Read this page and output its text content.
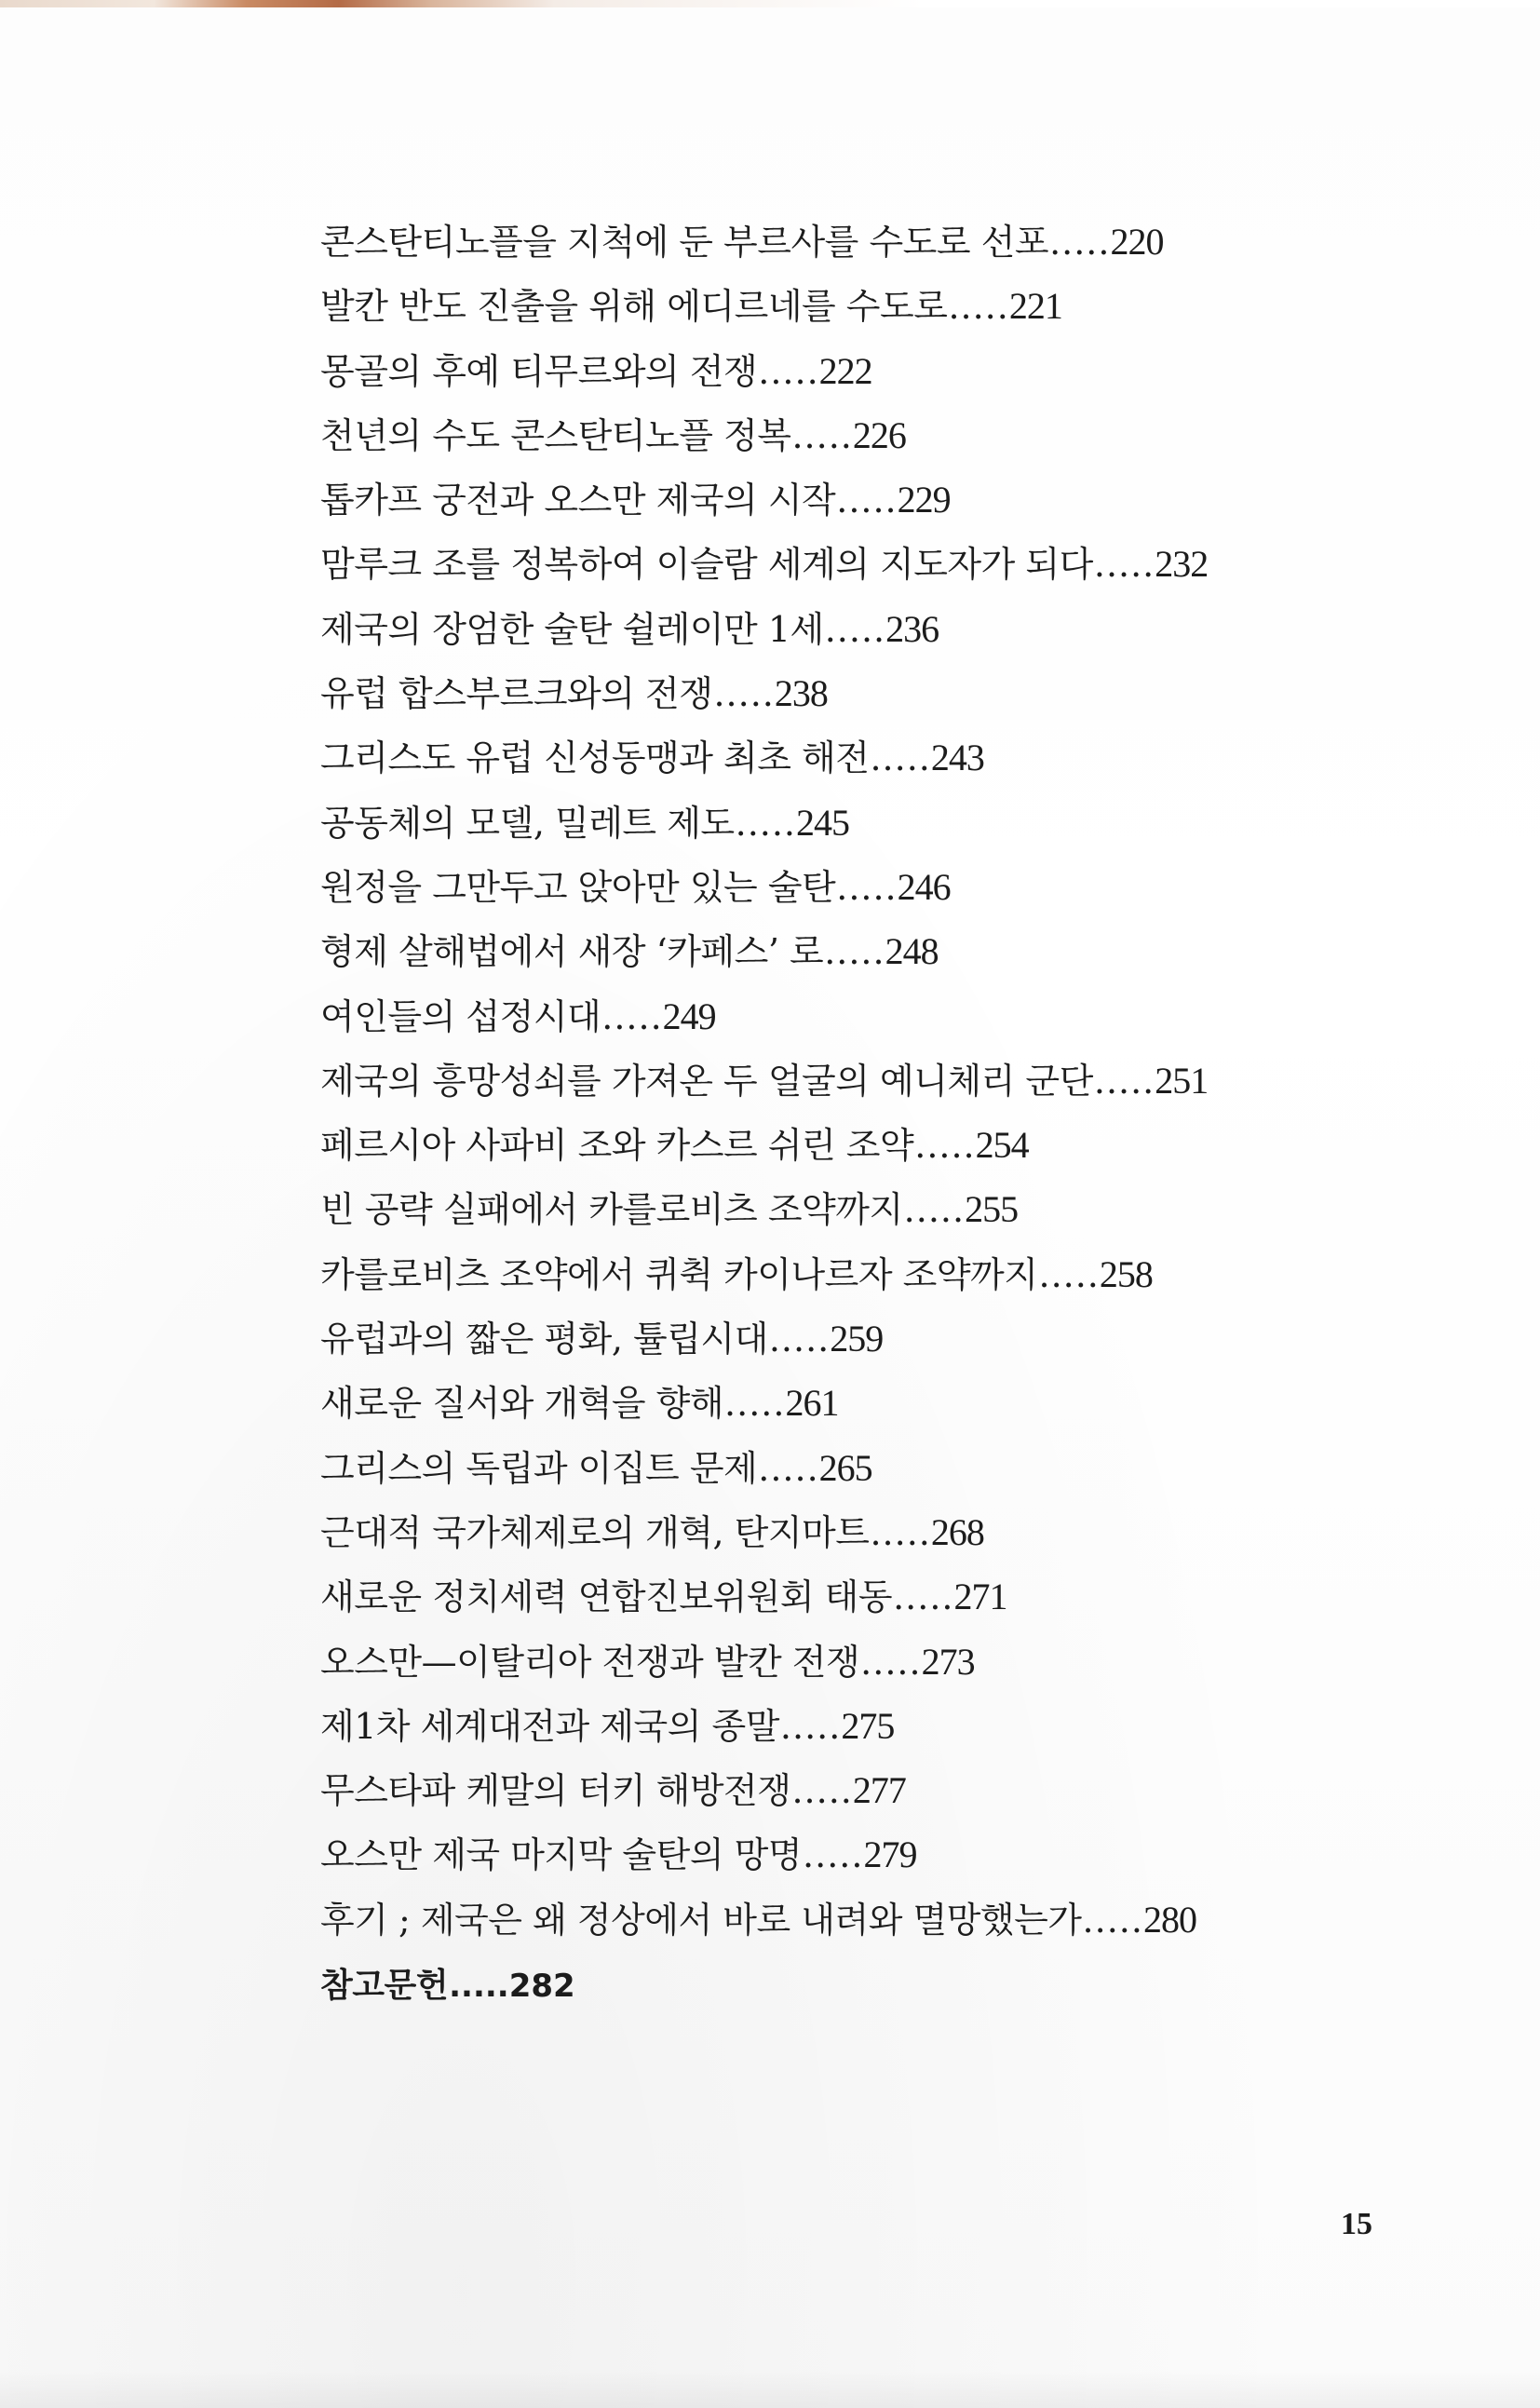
콘스탄티노플을 지척에 둔 부르사를 수도로 선포.....220
발칸 반도 진출을 위해 에디르네를 수도로.....221
몽골의 후예 티무르와의 전쟁.....222
천년의 수도 콘스탄티노플 정복.....226
톱카프 궁전과 오스만 제국의 시작.....229
맘루크 조를 정복하여 이슬람 세계의 지도자가 되다.....232
제국의 장엄한 술탄 쉴레이만 1세.....236
유럽 합스부르크와의 전쟁.....238
그리스도 유럽 신성동맹과 최초 해전.....243
공동체의 모델, 밀레트 제도.....245
원정을 그만두고 앉아만 있는 술탄.....246
형제 살해법에서 새장 ‘카페스’ 로.....248
여인들의 섭정시대.....249
제국의 흥망성쇠를 가져온 두 얼굴의 예니체리 군단.....251
페르시아 사파비 조와 카스르 쉬린 조약.....254
빈 공략 실패에서 카를로비츠 조약까지.....255
카를로비츠 조약에서 퀴췩 카이나르자 조약까지.....258
유럽과의 짧은 평화, 튤립시대.....259
새로운 질서와 개혁을 향해.....261
그리스의 독립과 이집트 문제.....265
근대적 국가체제로의 개혁, 탄지마트.....268
새로운 정치세력 연합진보위원회 태동.....271
오스만—이탈리아 전쟁과 발칸 전쟁.....273
제1차 세계대전과 제국의 종말.....275
무스타파 케말의 터키 해방전쟁.....277
오스만 제국 마지막 술탄의 망명.....279
후기 ; 제국은 왜 정상에서 바로 내려와 멸망했는가.....280
참고문헌.....282
15
